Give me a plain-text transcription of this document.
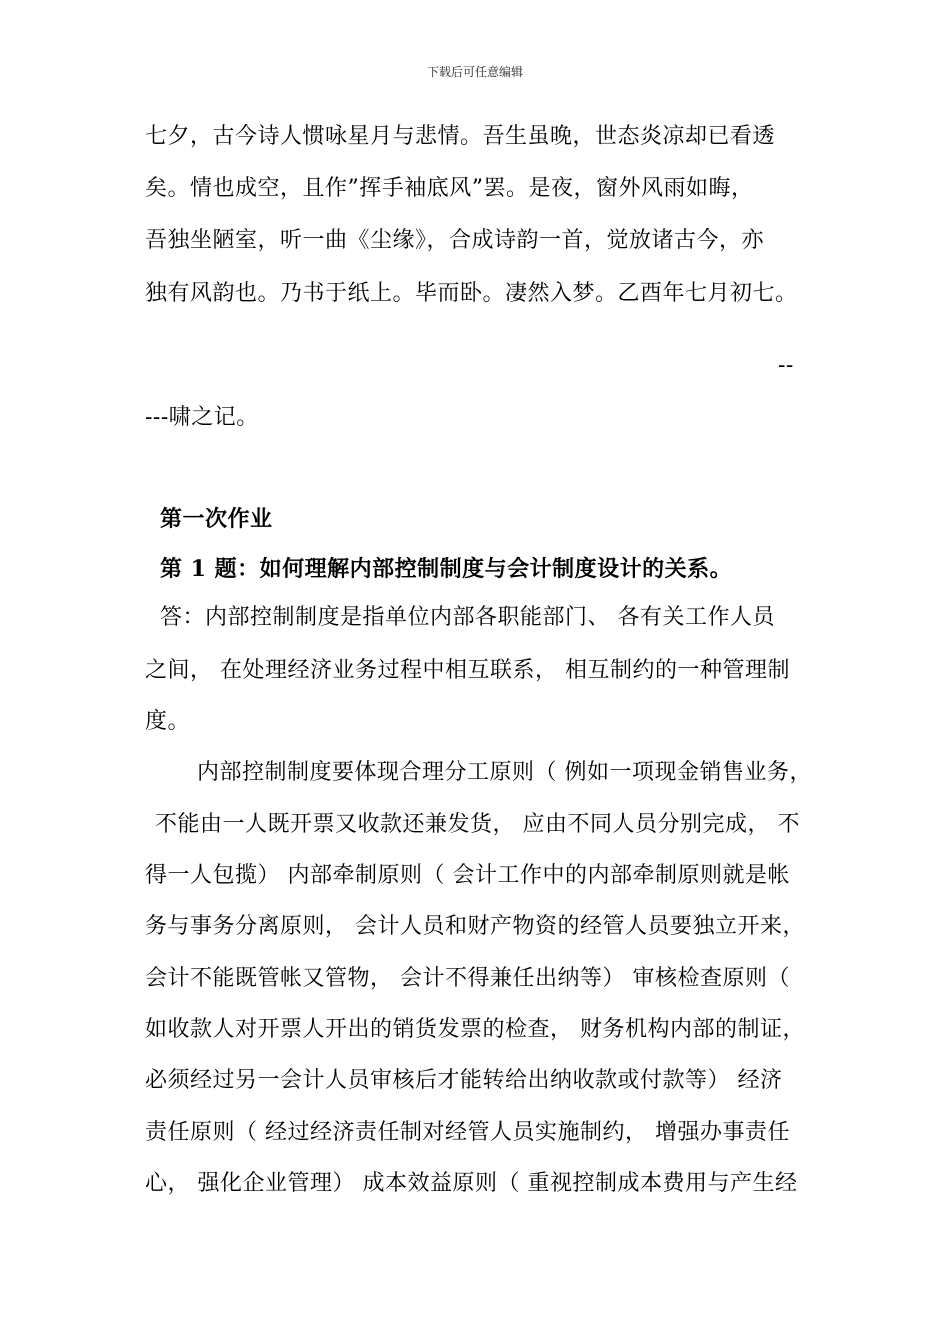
下载后可任意编辑
七夕，古今诗人惯咏星月与悲情。吾生虽晚，世态炎凉却已看透
矣。情也成空，且作”挥手袖底风”罢。是夜，窗外风雨如晦，
吾独坐陋室，听一曲《尘缘》，合成诗韵一首，觉放诸古今，亦
独有风韵也。乃书于纸上。毕而卧。凄然入梦。乙酉年七月初七。
--
---啸之记。
第一次作业
第 1 题：如何理解内部控制制度与会计制度设计的关系。
答：内部控制制度是指单位内部各职能部门、 各有关工作人员
之间， 在处理经济业务过程中相互联系， 相互制约的一种管理制
度。
内部控制制度要体现合理分工原则（ 例如一项现金销售业务，
不能由一人既开票又收款还兼发货， 应由不同人员分别完成， 不
得一人包揽） 内部牵制原则（ 会计工作中的内部牵制原则就是帐
务与事务分离原则， 会计人员和财产物资的经管人员要独立开来，
会计不能既管帐又管物， 会计不得兼任出纳等） 审核检查原则（
如收款人对开票人开出的销货发票的检查， 财务机构内部的制证，
必须经过另一会计人员审核后才能转给出纳收款或付款等） 经济
责任原则（ 经过经济责任制对经管人员实施制约， 增强办事责任
心， 强化企业管理） 成本效益原则（ 重视控制成本费用与产生经
